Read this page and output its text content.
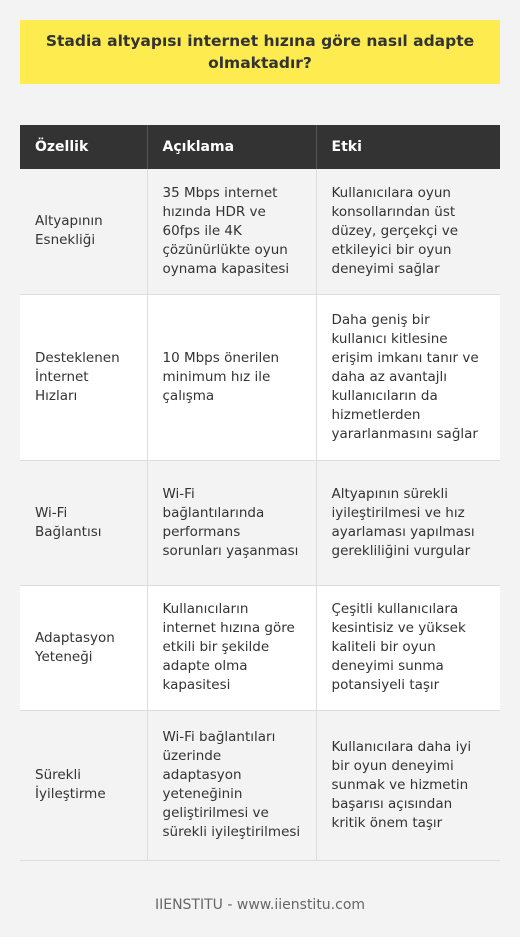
Stadia altyapısı internet hızına göre nasıl adapte olmaktadır?
Özellik	Açıklama	Etki
Altyapının Esnekliği	35 Mbps internet hızında HDR ve 60fps ile 4K çözünürlükte oyun oynama kapasitesi	Kullanıcılara oyun konsollarından üst düzey, gerçekçi ve etkileyici bir oyun deneyimi sağlar
Desteklenen İnternet Hızları	10 Mbps önerilen minimum hız ile çalışma	Daha geniş bir kullanıcı kitlesine erişim imkanı tanır ve daha az avantajlı kullanıcıların da hizmetlerden yararlanmasını sağlar
Wi-Fi Bağlantısı	Wi-Fi bağlantılarında performans sorunları yaşanması	Altyapının sürekli iyileştirilmesi ve hız ayarlaması yapılması gerekliliğini vurgular
Adaptasyon Yeteneği	Kullanıcıların internet hızına göre etkili bir şekilde adapte olma kapasitesi	Çeşitli kullanıcılara kesintisiz ve yüksek kaliteli bir oyun deneyimi sunma potansiyeli taşır
Sürekli İyileştirme	Wi-Fi bağlantıları üzerinde adaptasyon yeteneğinin geliştirilmesi ve sürekli iyileştirilmesi	Kullanıcılara daha iyi bir oyun deneyimi sunmak ve hizmetin başarısı açısından kritik önem taşır
IIENSTITU - www.iienstitu.com
